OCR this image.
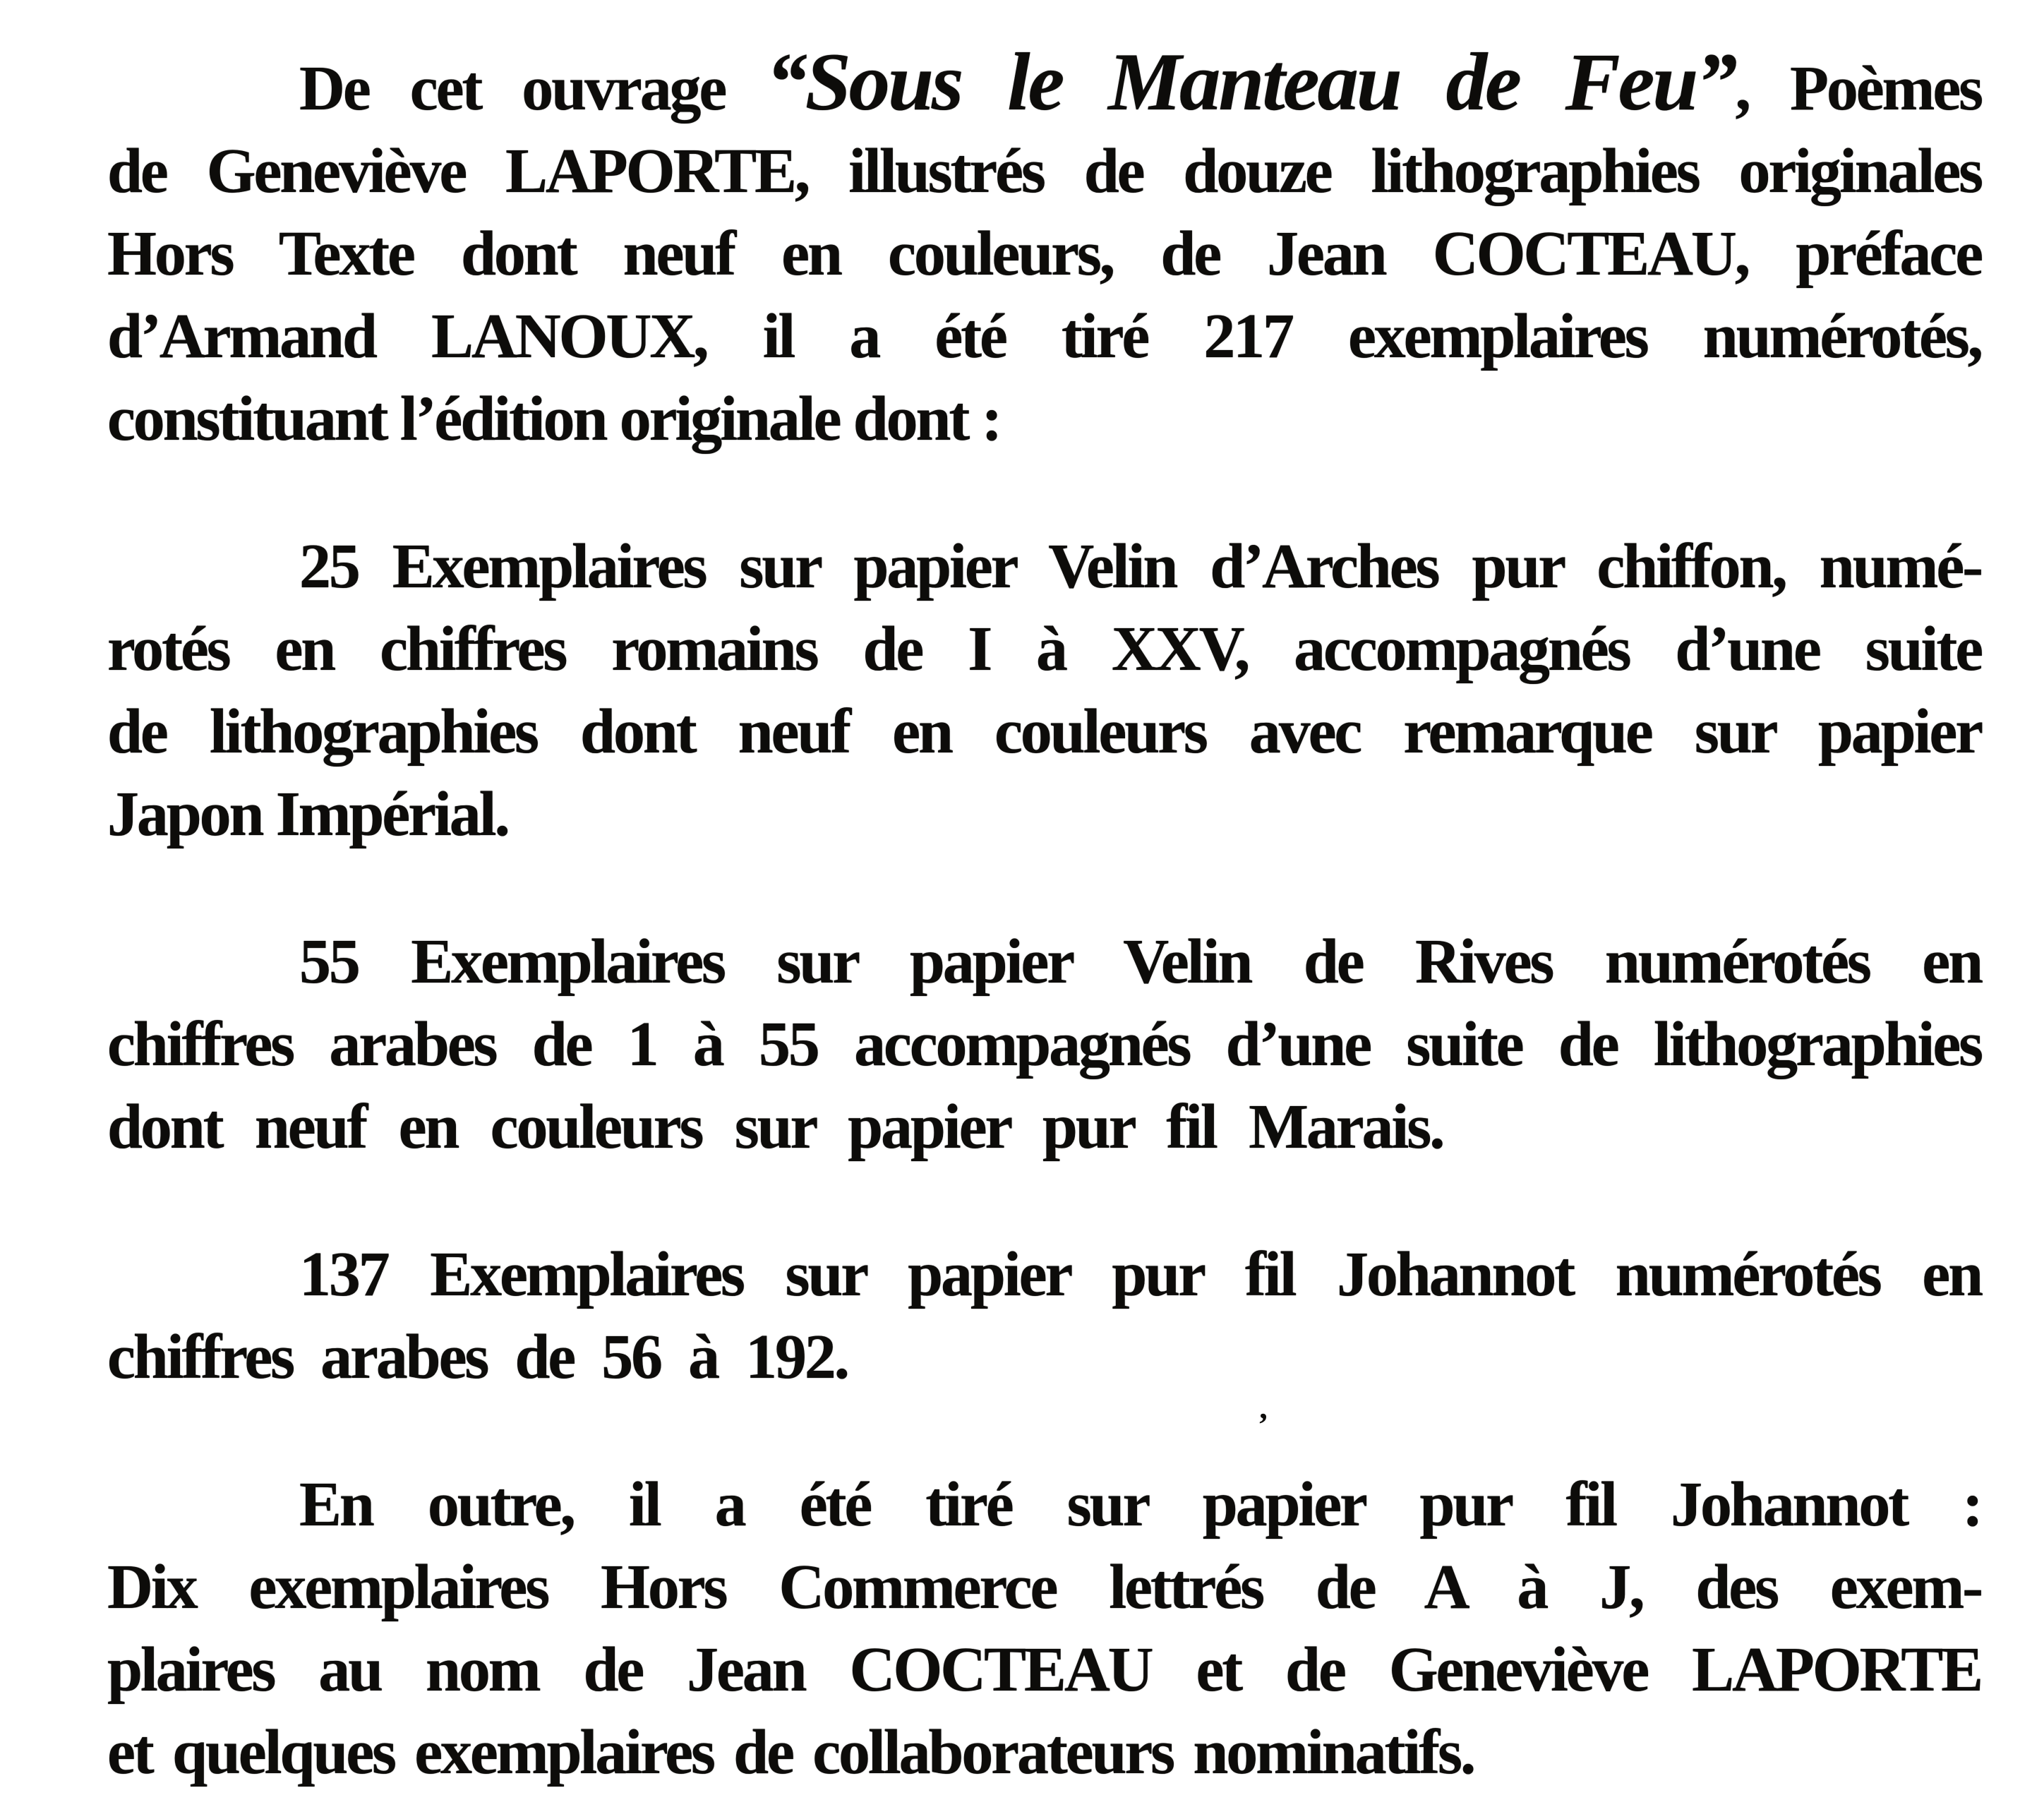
De cet ouvrage “Sous le Manteau de Feu”, Poèmes
de Geneviève LAPORTE, illustrés de douze lithographies originales
Hors Texte dont neuf en couleurs, de Jean COCTEAU, préface
d’Armand LANOUX, il a été tiré 217 exemplaires numérotés,
constituant l’édition originale dont :
25 Exemplaires sur papier Velin d’Arches pur chiffon, numé-
rotés en chiffres romains de I à XXV, accompagnés d’une suite
de lithographies dont neuf en couleurs avec remarque sur papier
Japon Impérial.
55 Exemplaires sur papier Velin de Rives numérotés en
chiffres arabes de 1 à 55 accompagnés d’une suite de lithographies
dont neuf en couleurs sur papier pur fil Marais.
137 Exemplaires sur papier pur fil Johannot numérotés en
chiffres arabes de 56 à 192.
En outre, il a été tiré sur papier pur fil Johannot :
Dix exemplaires Hors Commerce lettrés de A à J, des exem-
plaires au nom de Jean COCTEAU et de Geneviève LAPORTE
et quelques exemplaires de collaborateurs nominatifs.
’
